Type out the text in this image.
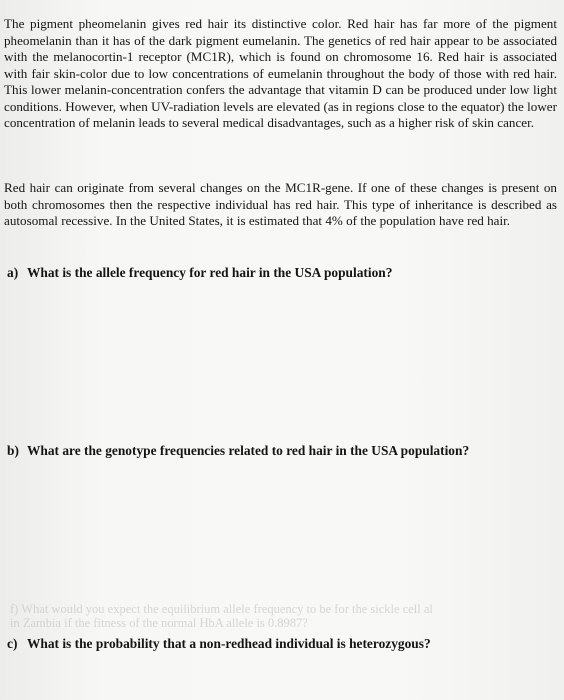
The pigment pheomelanin gives red hair its distinctive color. Red hair has far more of the pigment pheomelanin than it has of the dark pigment eumelanin. The genetics of red hair appear to be associated with the melanocortin-1 receptor (MC1R), which is found on chromosome 16. Red hair is associated with fair skin-color due to low concentrations of eumelanin throughout the body of those with red hair. This lower melanin-concentration confers the advantage that vitamin D can be produced under low light conditions. However, when UV-radiation levels are elevated (as in regions close to the equator) the lower concentration of melanin leads to several medical disadvantages, such as a higher risk of skin cancer.

Red hair can originate from several changes on the MC1R-gene. If one of these changes is present on both chromosomes then the respective individual has red hair. This type of inheritance is described as autosomal recessive. In the United States, it is estimated that 4% of the population have red hair.

a) What is the allele frequency for red hair in the USA population?

b) What are the genotype frequencies related to red hair in the USA population?
f) What would you expect the equilibrium allele frequency to be for the sickle cell al
in Zambia if the fitness of the normal HbA allele is 0.8987?
c) What is the probability that a non-redhead individual is heterozygous?
